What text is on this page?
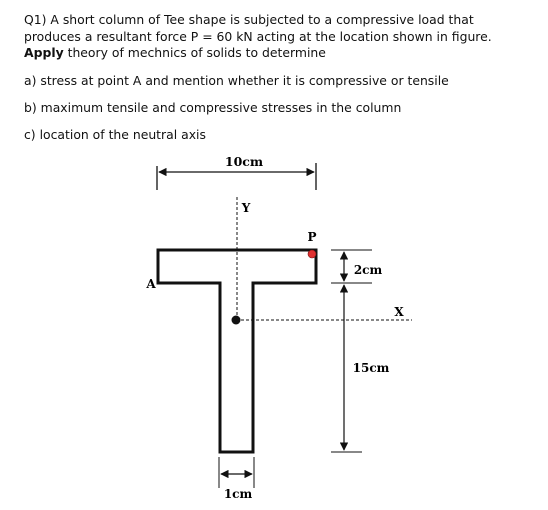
Q1) A short column of Tee shape is subjected to a compressive load that
produces a resultant force P = 60 kN acting at the location shown in figure.
Apply theory of mechnics of solids to determine
a) stress at point A and mention whether it is compressive or tensile
b) maximum tensile and compressive stresses in the column
c) location of the neutral axis
10cm
Y
X
P
A
2cm
15cm
1cm
